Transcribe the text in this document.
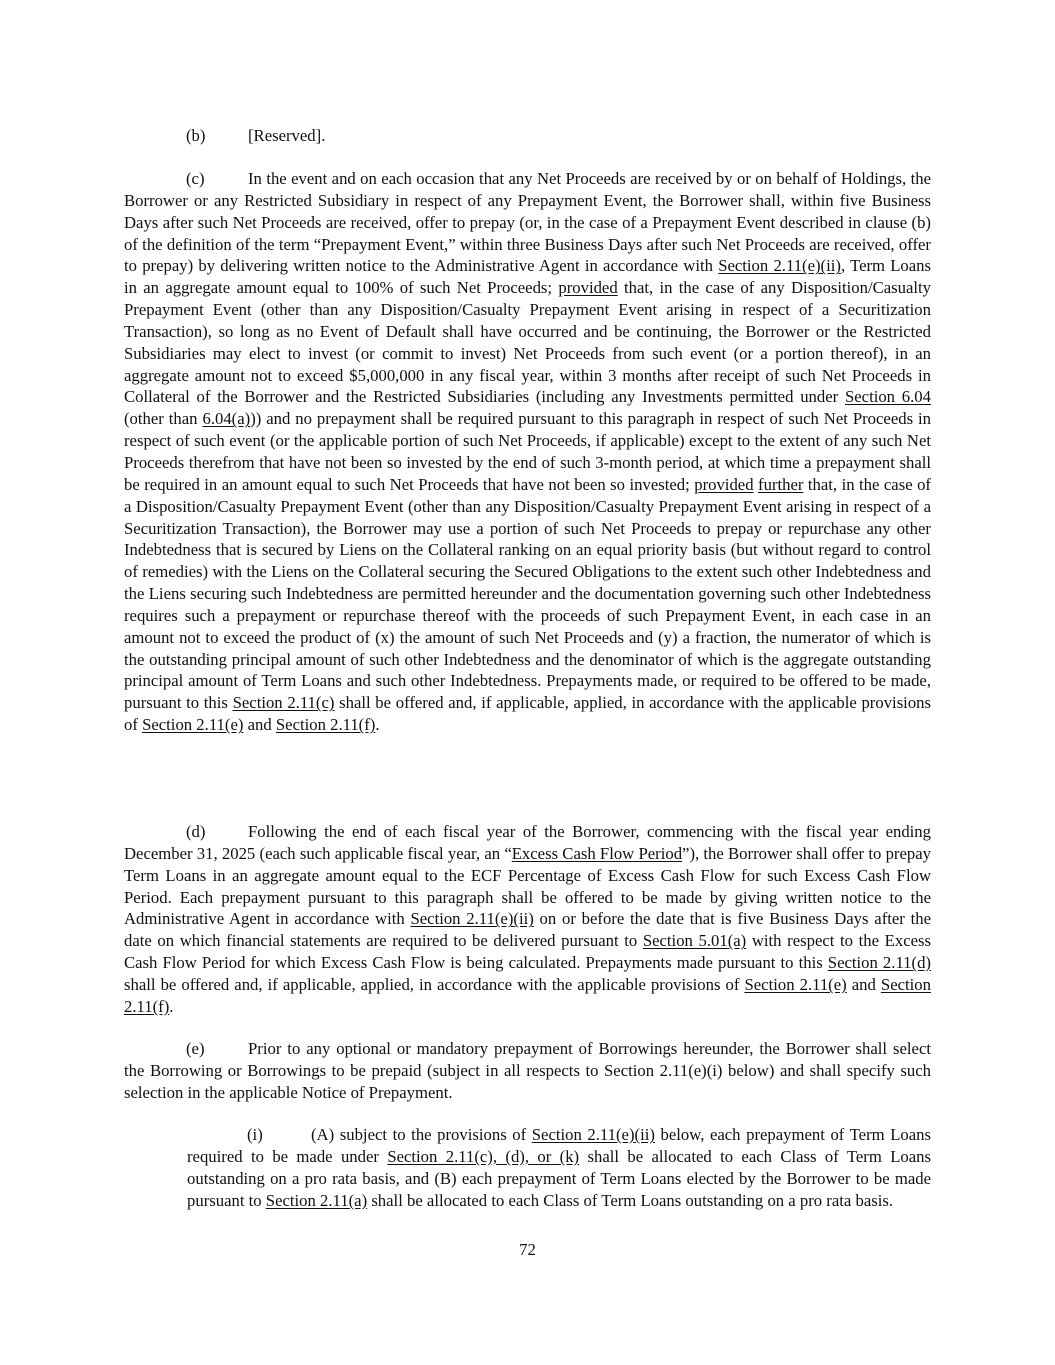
(b)	[Reserved].

(c)	In the event and on each occasion that any Net Proceeds are received by or on behalf of Holdings, the Borrower or any Restricted Subsidiary in respect of any Prepayment Event, the Borrower shall, within five Business Days after such Net Proceeds are received, offer to prepay (or, in the case of a Prepayment Event described in clause (b) of the definition of the term “Prepayment Event,” within three Business Days after such Net Proceeds are received, offer to prepay) by delivering written notice to the Administrative Agent in accordance with Section 2.11(e)(ii), Term Loans in an aggregate amount equal to 100% of such Net Proceeds; provided that, in the case of any Disposition/Casualty Prepayment Event (other than any Disposition/Casualty Prepayment Event arising in respect of a Securitization Transaction), so long as no Event of Default shall have occurred and be continuing, the Borrower or the Restricted Subsidiaries may elect to invest (or commit to invest) Net Proceeds from such event (or a portion thereof), in an aggregate amount not to exceed $5,000,000 in any fiscal year, within 3 months after receipt of such Net Proceeds in Collateral of the Borrower and the Restricted Subsidiaries (including any Investments permitted under Section 6.04 (other than 6.04(a))) and no prepayment shall be required pursuant to this paragraph in respect of such Net Proceeds in respect of such event (or the applicable portion of such Net Proceeds, if applicable) except to the extent of any such Net Proceeds therefrom that have not been so invested by the end of such 3-month period, at which time a prepayment shall be required in an amount equal to such Net Proceeds that have not been so invested; provided further that, in the case of a Disposition/Casualty Prepayment Event (other than any Disposition/Casualty Prepayment Event arising in respect of a Securitization Transaction), the Borrower may use a portion of such Net Proceeds to prepay or repurchase any other Indebtedness that is secured by Liens on the Collateral ranking on an equal priority basis (but without regard to control of remedies) with the Liens on the Collateral securing the Secured Obligations to the extent such other Indebtedness and the Liens securing such Indebtedness are permitted hereunder and the documentation governing such other Indebtedness requires such a prepayment or repurchase thereof with the proceeds of such Prepayment Event, in each case in an amount not to exceed the product of (x) the amount of such Net Proceeds and (y) a fraction, the numerator of which is the outstanding principal amount of such other Indebtedness and the denominator of which is the aggregate outstanding principal amount of Term Loans and such other Indebtedness. Prepayments made, or required to be offered to be made, pursuant to this Section 2.11(c) shall be offered and, if applicable, applied, in accordance with the applicable provisions of Section 2.11(e) and Section 2.11(f).

(d)	Following the end of each fiscal year of the Borrower, commencing with the fiscal year ending December 31, 2025 (each such applicable fiscal year, an “Excess Cash Flow Period”), the Borrower shall offer to prepay Term Loans in an aggregate amount equal to the ECF Percentage of Excess Cash Flow for such Excess Cash Flow Period. Each prepayment pursuant to this paragraph shall be offered to be made by giving written notice to the Administrative Agent in accordance with Section 2.11(e)(ii) on or before the date that is five Business Days after the date on which financial statements are required to be delivered pursuant to Section 5.01(a) with respect to the Excess Cash Flow Period for which Excess Cash Flow is being calculated. Prepayments made pursuant to this Section 2.11(d) shall be offered and, if applicable, applied, in accordance with the applicable provisions of Section 2.11(e) and Section 2.11(f).

(e)	Prior to any optional or mandatory prepayment of Borrowings hereunder, the Borrower shall select the Borrowing or Borrowings to be prepaid (subject in all respects to Section 2.11(e)(i) below) and shall specify such selection in the applicable Notice of Prepayment.

(i)	(A) subject to the provisions of Section 2.11(e)(ii) below, each prepayment of Term Loans required to be made under Section 2.11(c), (d), or (k) shall be allocated to each Class of Term Loans outstanding on a pro rata basis, and (B) each prepayment of Term Loans elected by the Borrower to be made pursuant to Section 2.11(a) shall be allocated to each Class of Term Loans outstanding on a pro rata basis.

72
